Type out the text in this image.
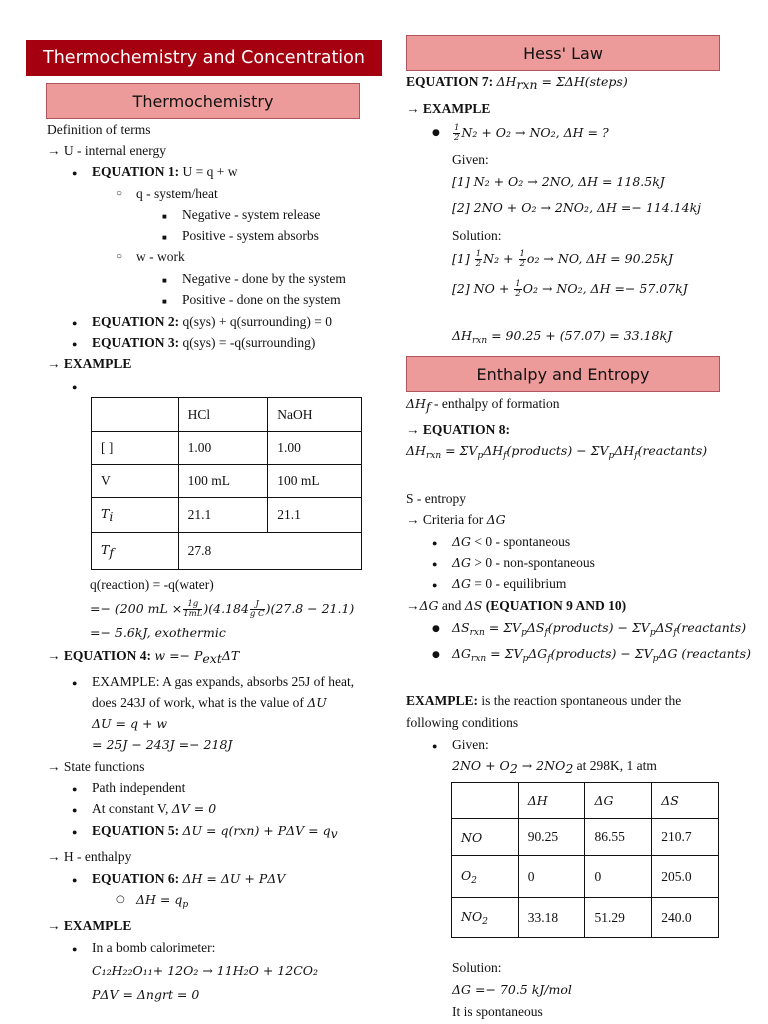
Thermochemistry and Concentration
Thermochemistry
Definition of terms
→ U - internal energy
● EQUATION 1: U = q + w
○ q - system/heat
■ Negative - system release
■ Positive - system absorbs
○ w - work
■ Negative - done by the system
■ Positive - done on the system
● EQUATION 2: q(sys) + q(surrounding) = 0
● EQUATION 3: q(sys) = -q(surrounding)
→ EXAMPLE
●
	HCl	NaOH
[ ]	1.00	1.00
V	100 mL	100 mL
$T_i$	21.1	21.1
$T_f$	27.8	
q(reaction) = -q(water)
=− (200 mL × $\frac{1g}{1mL} )(4.184 \frac{J}{\text{g C}} )(27.8 - 21.1)$
=− 5.6kJ, exothermic
→ EQUATION 4: $w =- P_{ext}\Delta T$
● EXAMPLE: A gas expands, absorbs 25J of heat,
does 243J of work, what is the value of ΔU
ΔU = q + w
= 25J − 243J =− 218J
→ State functions
● Path independent
● At constant V, ΔV = 0
● EQUATION 5: $\Delta U = q(rxn) + P\Delta V = q_v$
→ H - enthalpy
● EQUATION 6: ΔH = ΔU + PΔV
○ $\Delta H = q_p$
→ EXAMPLE
● In a bomb calorimeter:
C₁₂H₂₂O₁₁+ 12O₂ → 11H₂O + 12CO₂
PΔV = Δngrt = 0
Hess' Law
EQUATION 7: $\Delta H_{rxn}$ = ΣΔH(steps)
→ EXAMPLE
● $\frac{1}{2} N_2 + O_2 \to NO_2$, ΔH = ?
Given:
[1] N₂ + O₂ → 2NO, ΔH = 118.5kJ
[2] 2NO + O₂ → 2NO₂, ΔH =− 114.14kj
Solution:
$[1] \frac{1}{2} N_2 + \frac{1}{2} o_2$ → NO, ΔH = 90.25kJ
[2] NO + $\frac{1}{2} O_2 \to NO_2$, ΔH =− 57.07kJ
$\Delta H_{rxn} = 90.25 + (57.07) = 33.18kJ$
Enthalpy and Entropy
$\Delta H_f$ - enthalpy of formation
→ EQUATION 8:
$\Delta H_{rxn}$ = $\Sigma V_p\Delta H_f(products)$ − $\Sigma V_p\Delta H_f(reactants)$
S - entropy
→ Criteria for ΔG
● ΔG < 0 - spontaneous
● ΔG > 0 - non-spontaneous
● ΔG = 0 - equilibrium
→ΔG and ΔS (EQUATION 9 AND 10)
● $\Delta S_{rxn}$ = $\Sigma V_p\Delta S_f(products)$ − $\Sigma V_p\Delta S_f(reactants)$
● $\Delta G_{rxn}$ = $\Sigma V_p\Delta G_f(products) - \Sigma V_p\Delta G$ (reactants)
EXAMPLE: is the reaction spontaneous under the
following conditions
● Given:
$2NO + O_2 \to 2NO_2$ at 298K, 1 atm
	ΔH	ΔG	ΔS
NO	90.25	86.55	210.7
$O_2$	0	0	205.0
$NO_2$	33.18	51.29	240.0
Solution:
ΔG =− 70.5 kJ/mol
It is spontaneous
